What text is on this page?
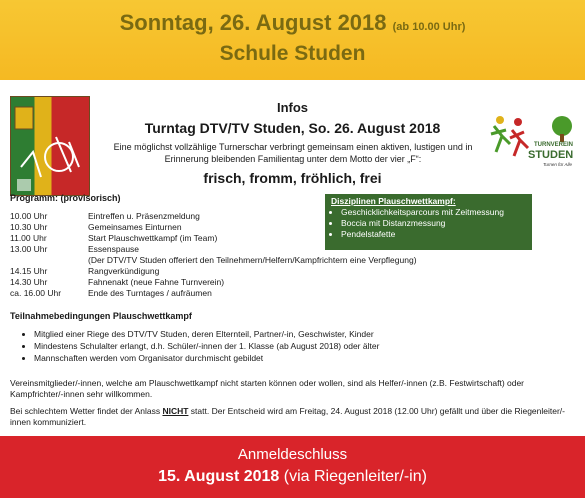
Sonntag, 26. August 2018 (ab 10.00 Uhr)
Schule Studen
TURNVEREIN
STUDEN
Turnen für Alle
Infos
Turntag DTV/TV Studen, So. 26. August 2018
Eine möglichst vollzählige Turnerschar verbringt gemeinsam einen aktiven, lustigen und in Erinnerung bleibenden Familientag unter dem Motto der vier „F“:
frisch, fromm, fröhlich, frei
Programm: (provisorisch)
10.00 Uhr	Eintreffen u. Präsenzmeldung
10.30 Uhr	Gemeinsames Einturnen
11.00 Uhr	Start Plauschwettkampf (im Team)
13.00 Uhr	Essenspause
(Der DTV/TV Studen offeriert den Teilnehmern/Helfern/Kampfrichtern eine Verpflegung)
14.15 Uhr	Rangverkündigung
14.30 Uhr	Fahnenakt (neue Fahne Turnverein)
ca. 16.00 Uhr	Ende des Turntages / aufräumen
Disziplinen Plauschwettkampf:
• Geschicklichkeitsparcours mit Zeitmessung
• Boccia mit Distanzmessung
• Pendelstafette
Teilnahmebedingungen Plauschwettkampf
• Mitglied einer Riege des DTV/TV Studen, deren Elternteil, Partner/-in, Geschwister, Kinder
• Mindestens Schulalter erlangt, d.h. Schüler/-innen der 1. Klasse (ab August 2018) oder älter
• Mannschaften werden vom Organisator durchmischt gebildet
Vereinsmitglieder/-innen, welche am Plauschwettkampf nicht starten können oder wollen, sind als Helfer/-innen (z.B. Festwirtschaft) oder Kampfrichter/-innen sehr willkommen.
Bei schlechtem Wetter findet der Anlass NICHT statt. Der Entscheid wird am Freitag, 24. August 2018 (12.00 Uhr) gefällt und über die Riegenleiter/-innen kommuniziert.
Anmeldeschluss
15. August 2018 (via Riegenleiter/-in)
